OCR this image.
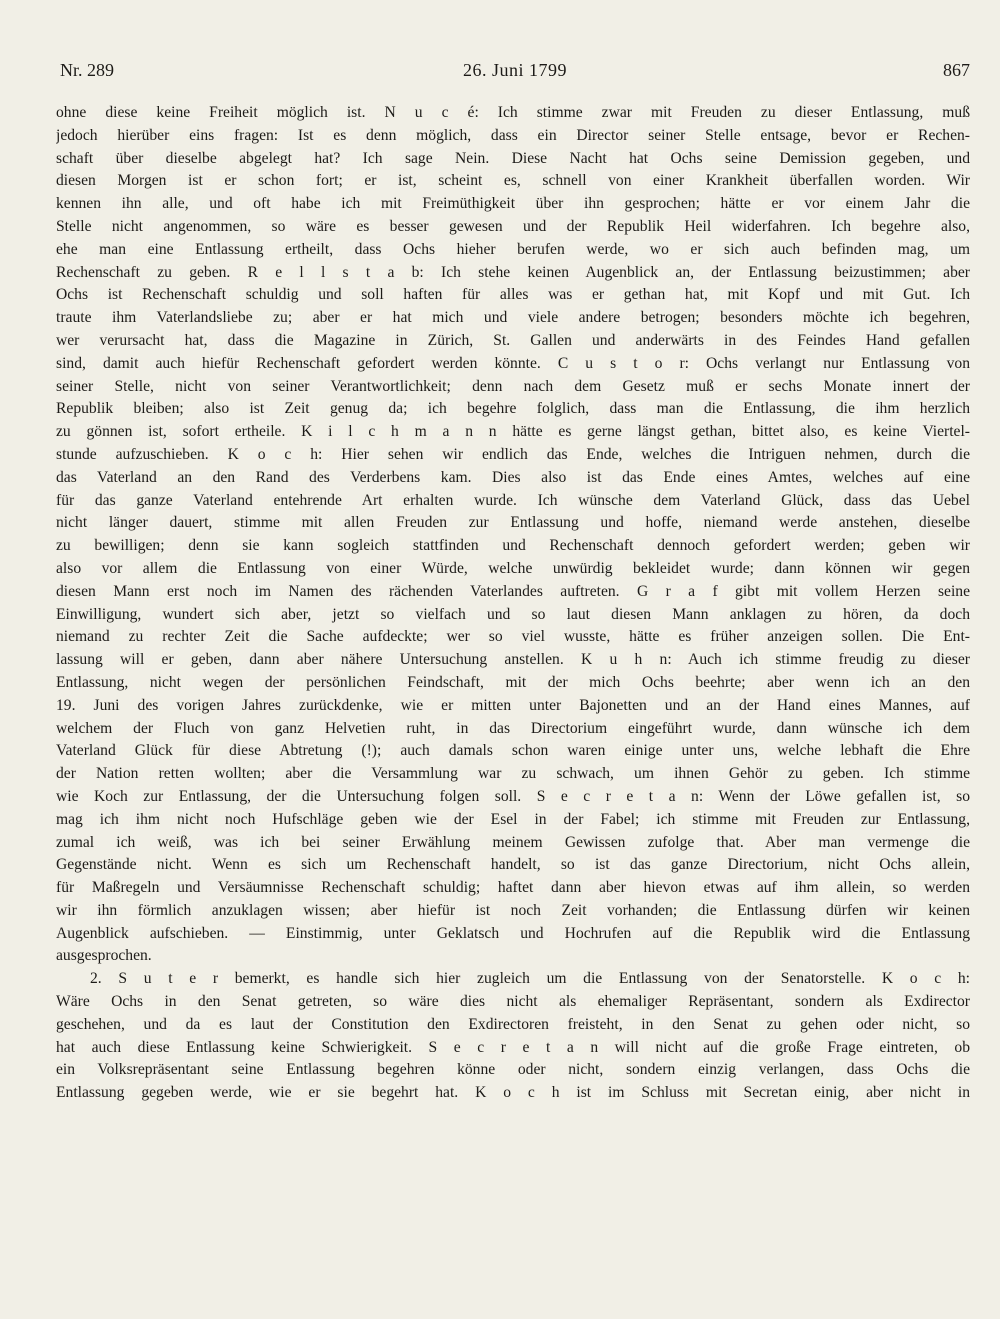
Nr. 289	26. Juni 1799	867
ohne diese keine Freiheit möglich ist. N u c é: Ich stimme zwar mit Freuden zu dieser Entlassung, muß
jedoch hierüber eins fragen: Ist es denn möglich, dass ein Director seiner Stelle entsage, bevor er Rechen-
schaft über dieselbe abgelegt hat? Ich sage Nein. Diese Nacht hat Ochs seine Demission gegeben, und
diesen Morgen ist er schon fort; er ist, scheint es, schnell von einer Krankheit überfallen worden. Wir
kennen ihn alle, und oft habe ich mit Freimüthigkeit über ihn gesprochen; hätte er vor einem Jahr die
Stelle nicht angenommen, so wäre es besser gewesen und der Republik Heil widerfahren. Ich begehre also,
ehe man eine Entlassung ertheilt, dass Ochs hieher berufen werde, wo er sich auch befinden mag, um
Rechenschaft zu geben. R e l l s t a b: Ich stehe keinen Augenblick an, der Entlassung beizustimmen; aber
Ochs ist Rechenschaft schuldig und soll haften für alles was er gethan hat, mit Kopf und mit Gut. Ich
traute ihm Vaterlandsliebe zu; aber er hat mich und viele andere betrogen; besonders möchte ich begehren,
wer verursacht hat, dass die Magazine in Zürich, St. Gallen und anderwärts in des Feindes Hand gefallen
sind, damit auch hiefür Rechenschaft gefordert werden könnte. C u s t o r: Ochs verlangt nur Entlassung von
seiner Stelle, nicht von seiner Verantwortlichkeit; denn nach dem Gesetz muß er sechs Monate innert der
Republik bleiben; also ist Zeit genug da; ich begehre folglich, dass man die Entlassung, die ihm herzlich
zu gönnen ist, sofort ertheile. K i l c h m a n n hätte es gerne längst gethan, bittet also, es keine Viertel-
stunde aufzuschieben. K o c h: Hier sehen wir endlich das Ende, welches die Intriguen nehmen, durch die
das Vaterland an den Rand des Verderbens kam. Dies also ist das Ende eines Amtes, welches auf eine
für das ganze Vaterland entehrende Art erhalten wurde. Ich wünsche dem Vaterland Glück, dass das Uebel
nicht länger dauert, stimme mit allen Freuden zur Entlassung und hoffe, niemand werde anstehen, dieselbe
zu bewilligen; denn sie kann sogleich stattfinden und Rechenschaft dennoch gefordert werden; geben wir
also vor allem die Entlassung von einer Würde, welche unwürdig bekleidet wurde; dann können wir gegen
diesen Mann erst noch im Namen des rächenden Vaterlandes auftreten. G r a f gibt mit vollem Herzen seine
Einwilligung, wundert sich aber, jetzt so vielfach und so laut diesen Mann anklagen zu hören, da doch
niemand zu rechter Zeit die Sache aufdeckte; wer so viel wusste, hätte es früher anzeigen sollen. Die Ent-
lassung will er geben, dann aber nähere Untersuchung anstellen. K u h n: Auch ich stimme freudig zu dieser
Entlassung, nicht wegen der persönlichen Feindschaft, mit der mich Ochs beehrte; aber wenn ich an den
19. Juni des vorigen Jahres zurückdenke, wie er mitten unter Bajonetten und an der Hand eines Mannes, auf
welchem der Fluch von ganz Helvetien ruht, in das Directorium eingeführt wurde, dann wünsche ich dem
Vaterland Glück für diese Abtretung (!); auch damals schon waren einige unter uns, welche lebhaft die Ehre
der Nation retten wollten; aber die Versammlung war zu schwach, um ihnen Gehör zu geben. Ich stimme
wie Koch zur Entlassung, der die Untersuchung folgen soll. S e c r e t a n: Wenn der Löwe gefallen ist, so
mag ich ihm nicht noch Hufschläge geben wie der Esel in der Fabel; ich stimme mit Freuden zur Entlassung,
zumal ich weiß, was ich bei seiner Erwählung meinem Gewissen zufolge that. Aber man vermenge die
Gegenstände nicht. Wenn es sich um Rechenschaft handelt, so ist das ganze Directorium, nicht Ochs allein,
für Maßregeln und Versäumnisse Rechenschaft schuldig; haftet dann aber hievon etwas auf ihm allein, so werden
wir ihn förmlich anzuklagen wissen; aber hiefür ist noch Zeit vorhanden; die Entlassung dürfen wir keinen
Augenblick aufschieben. — Einstimmig, unter Geklatsch und Hochrufen auf die Republik wird die Entlassung
ausgesprochen.
2. S u t e r bemerkt, es handle sich hier zugleich um die Entlassung von der Senatorstelle. K o c h:
Wäre Ochs in den Senat getreten, so wäre dies nicht als ehemaliger Repräsentant, sondern als Exdirector
geschehen, und da es laut der Constitution den Exdirectoren freisteht, in den Senat zu gehen oder nicht, so
hat auch diese Entlassung keine Schwierigkeit. S e c r e t a n will nicht auf die große Frage eintreten, ob
ein Volksrepräsentant seine Entlassung begehren könne oder nicht, sondern einzig verlangen, dass Ochs die
Entlassung gegeben werde, wie er sie begehrt hat. K o c h ist im Schluss mit Secretan einig, aber nicht in
